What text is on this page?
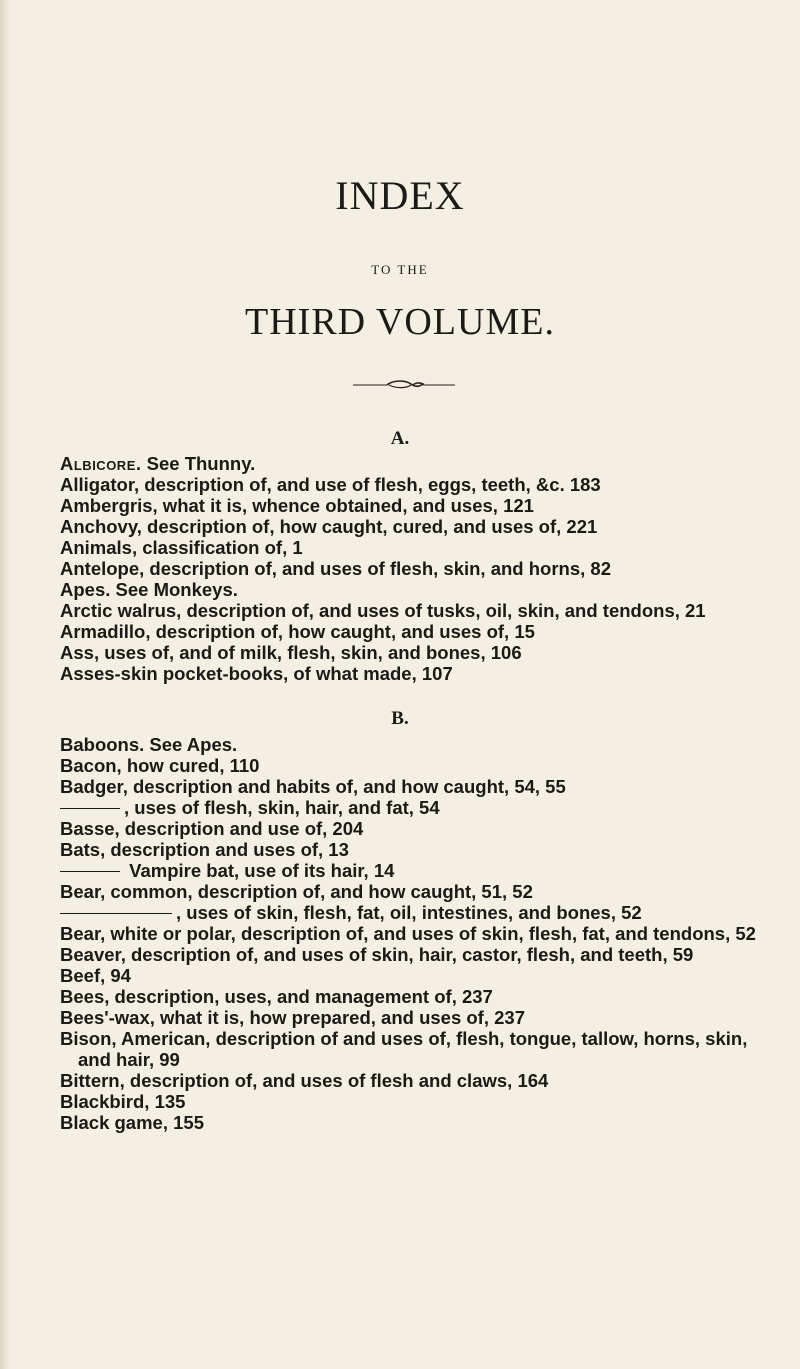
INDEX
TO THE
THIRD VOLUME.
A.

Albicore. See Thunny.

Alligator, description of, and use of flesh, eggs, teeth, &c. 183

Ambergris, what it is, whence obtained, and uses, 121

Anchovy, description of, how caught, cured, and uses of, 221

Animals, classification of, 1

Antelope, description of, and uses of flesh, skin, and horns, 82

Apes. See Monkeys.

Arctic walrus, description of, and uses of tusks, oil, skin, and tendons, 21

Armadillo, description of, how caught, and uses of, 15

Ass, uses of, and of milk, flesh, skin, and bones, 106

Asses-skin pocket-books, of what made, 107

B.

Baboons. See Apes.

Bacon, how cured, 110

Badger, description and habits of, and how caught, 54, 55

, uses of flesh, skin, hair, and fat, 54

Basse, description and use of, 204

Bats, description and uses of, 13

Vampire bat, use of its hair, 14

Bear, common, description of, and how caught, 51, 52

, uses of skin, flesh, fat, oil, intestines, and bones, 52

Bear, white or polar, description of, and uses of skin, flesh, fat, and tendons, 52

Beaver, description of, and uses of skin, hair, castor, flesh, and teeth, 59

Beef, 94

Bees, description, uses, and management of, 237

Bees'-wax, what it is, how prepared, and uses of, 237

Bison, American, description of and uses of, flesh, tongue, tallow, horns, skin, and hair, 99

Bittern, description of, and uses of flesh and claws, 164

Blackbird, 135

Black game, 155
